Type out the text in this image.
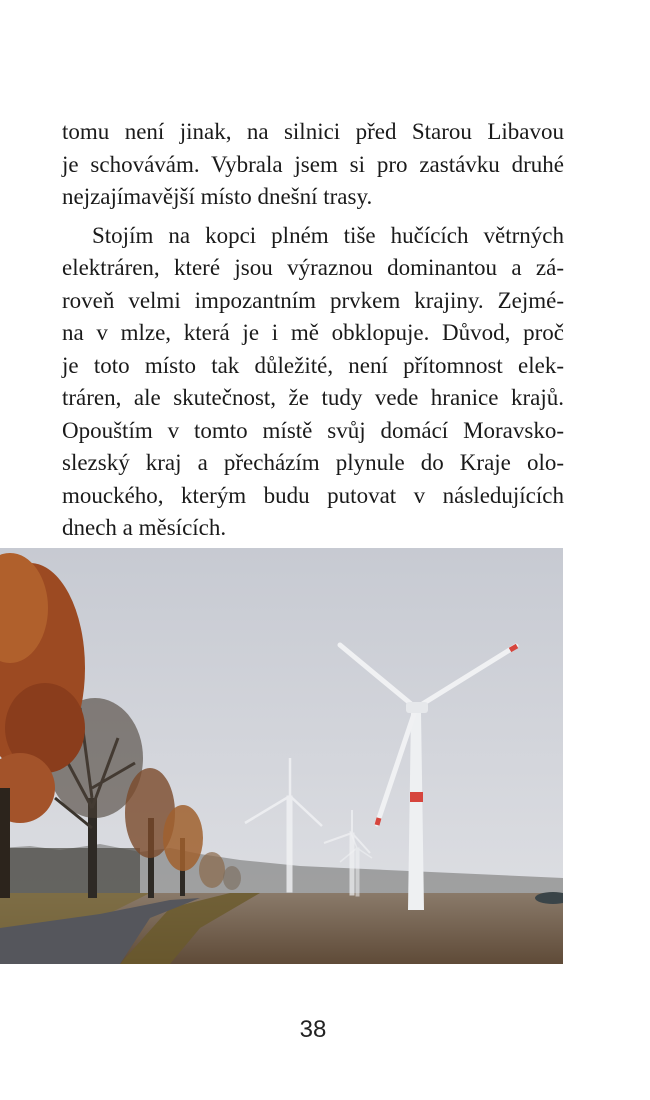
tomu není jinak, na silnici před Starou Libavou
je schovávám. Vybrala jsem si pro zastávku druhé
nejzajímavější místo dnešní trasy.

Stojím na kopci plném tiše hučících větrných
elektráren, které jsou výraznou dominantou a zá-
roveň velmi impozantním prvkem krajiny. Zejmé-
na v mlze, která je i mě obklopuje. Důvod, proč
je toto místo tak důležité, není přítomnost elek-
tráren, ale skutečnost, že tudy vede hranice krajů.
Opouštím v tomto místě svůj domácí Moravsko-
slezský kraj a přecházím plynule do Kraje olo-
mouckého, kterým budu putovat v následujících
dnech a měsících.

38
